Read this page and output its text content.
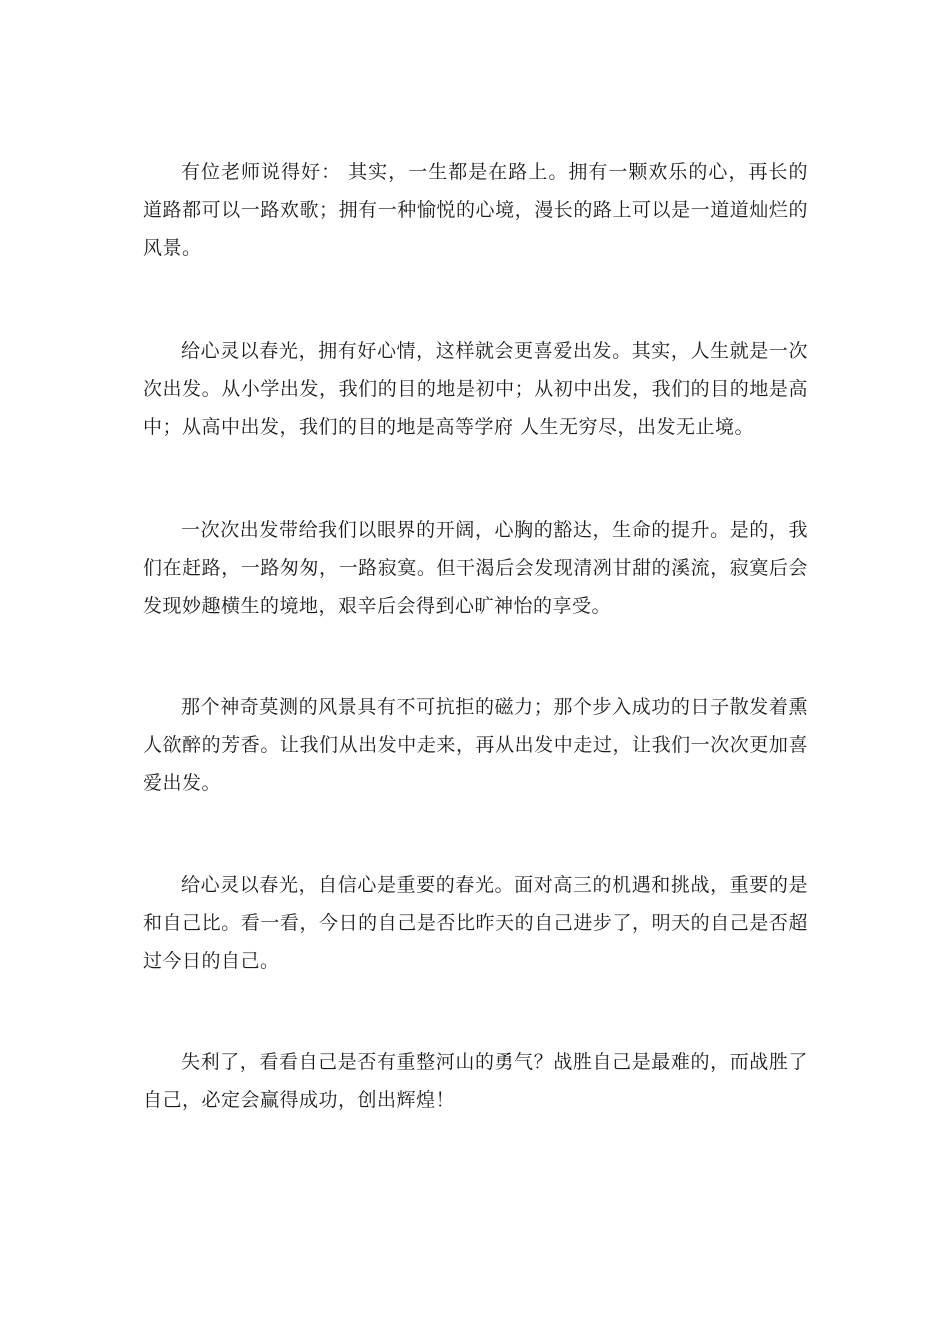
有位老师说得好： 其实，一生都是在路上。拥有一颗欢乐的心，再长的道路都可以一路欢歌；拥有一种愉悦的心境，漫长的路上可以是一道道灿烂的风景。

给心灵以春光，拥有好心情，这样就会更喜爱出发。其实，人生就是一次次出发。从小学出发，我们的目的地是初中；从初中出发，我们的目的地是高中；从高中出发，我们的目的地是高等学府 人生无穷尽，出发无止境。

一次次出发带给我们以眼界的开阔，心胸的豁达，生命的提升。是的，我们在赶路，一路匆匆，一路寂寞。但干渴后会发现清冽甘甜的溪流，寂寞后会发现妙趣横生的境地，艰辛后会得到心旷神怡的享受。

那个神奇莫测的风景具有不可抗拒的磁力；那个步入成功的日子散发着熏人欲醉的芳香。让我们从出发中走来，再从出发中走过，让我们一次次更加喜爱出发。

给心灵以春光，自信心是重要的春光。面对高三的机遇和挑战，重要的是和自己比。看一看，今日的自己是否比昨天的自己进步了，明天的自己是否超过今日的自己。

失利了，看看自己是否有重整河山的勇气？战胜自己是最难的，而战胜了自己，必定会赢得成功，创出辉煌！
